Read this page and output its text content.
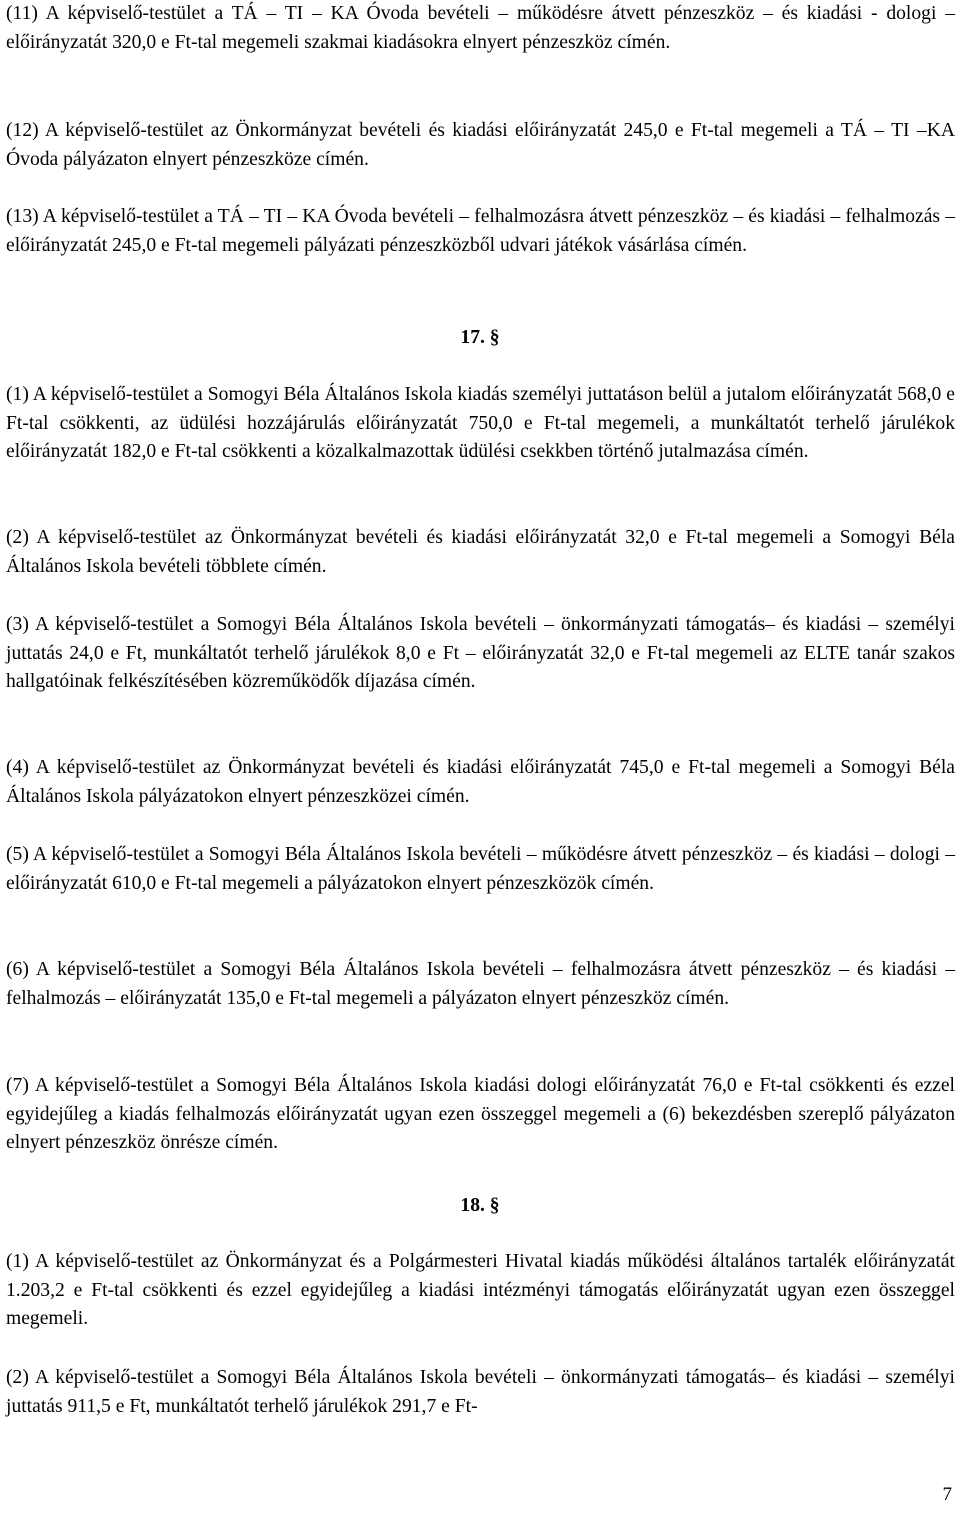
(11) A képviselő-testület a TÁ – TI – KA Óvoda bevételi – működésre átvett pénzeszköz – és kiadási - dologi – előirányzatát 320,0 e Ft-tal megemeli szakmai kiadásokra elnyert pénzeszköz címén.

(12) A képviselő-testület az Önkormányzat bevételi és kiadási előirányzatát 245,0 e Ft-tal megemeli a TÁ – TI –KA Óvoda pályázaton elnyert pénzeszköze címén.

(13) A képviselő-testület a TÁ – TI – KA Óvoda bevételi – felhalmozásra átvett pénzeszköz – és kiadási – felhalmozás – előirányzatát 245,0 e Ft-tal megemeli pályázati pénzeszközből udvari játékok vásárlása címén.

17. §

(1) A képviselő-testület a Somogyi Béla Általános Iskola kiadás személyi juttatáson belül a jutalom előirányzatát 568,0 e Ft-tal csökkenti, az üdülési hozzájárulás előirányzatát 750,0 e Ft-tal megemeli, a munkáltatót terhelő járulékok előirányzatát 182,0 e Ft-tal csökkenti a közalkalmazottak üdülési csekkben történő jutalmazása címén.

(2) A képviselő-testület az Önkormányzat bevételi és kiadási előirányzatát 32,0 e Ft-tal megemeli a Somogyi Béla Általános Iskola bevételi többlete címén.

(3) A képviselő-testület a Somogyi Béla Általános Iskola bevételi – önkormányzati támogatás– és kiadási – személyi juttatás 24,0 e Ft, munkáltatót terhelő járulékok 8,0 e Ft – előirányzatát 32,0 e Ft-tal megemeli az ELTE tanár szakos hallgatóinak felkészítésében közreműködők díjazása címén.

(4) A képviselő-testület az Önkormányzat bevételi és kiadási előirányzatát 745,0 e Ft-tal megemeli a Somogyi Béla Általános Iskola pályázatokon elnyert pénzeszközei címén.

(5) A képviselő-testület a Somogyi Béla Általános Iskola bevételi – működésre átvett pénzeszköz – és kiadási – dologi – előirányzatát 610,0 e Ft-tal megemeli a pályázatokon elnyert pénzeszközök címén.

(6) A képviselő-testület a Somogyi Béla Általános Iskola bevételi – felhalmozásra átvett pénzeszköz – és kiadási – felhalmozás – előirányzatát 135,0 e Ft-tal megemeli a pályázaton elnyert pénzeszköz címén.

(7) A képviselő-testület a Somogyi Béla Általános Iskola kiadási dologi előirányzatát 76,0 e Ft-tal csökkenti és ezzel egyidejűleg a kiadás felhalmozás előirányzatát ugyan ezen összeggel megemeli a (6) bekezdésben szereplő pályázaton elnyert pénzeszköz önrésze címén.

18. §

(1) A képviselő-testület az Önkormányzat és a Polgármesteri Hivatal kiadás működési általános tartalék előirányzatát 1.203,2 e Ft-tal csökkenti és ezzel egyidejűleg a kiadási intézményi támogatás előirányzatát ugyan ezen összeggel megemeli.

(2) A képviselő-testület a Somogyi Béla Általános Iskola bevételi – önkormányzati támogatás– és kiadási – személyi juttatás 911,5 e Ft, munkáltatót terhelő járulékok 291,7 e Ft-

7
